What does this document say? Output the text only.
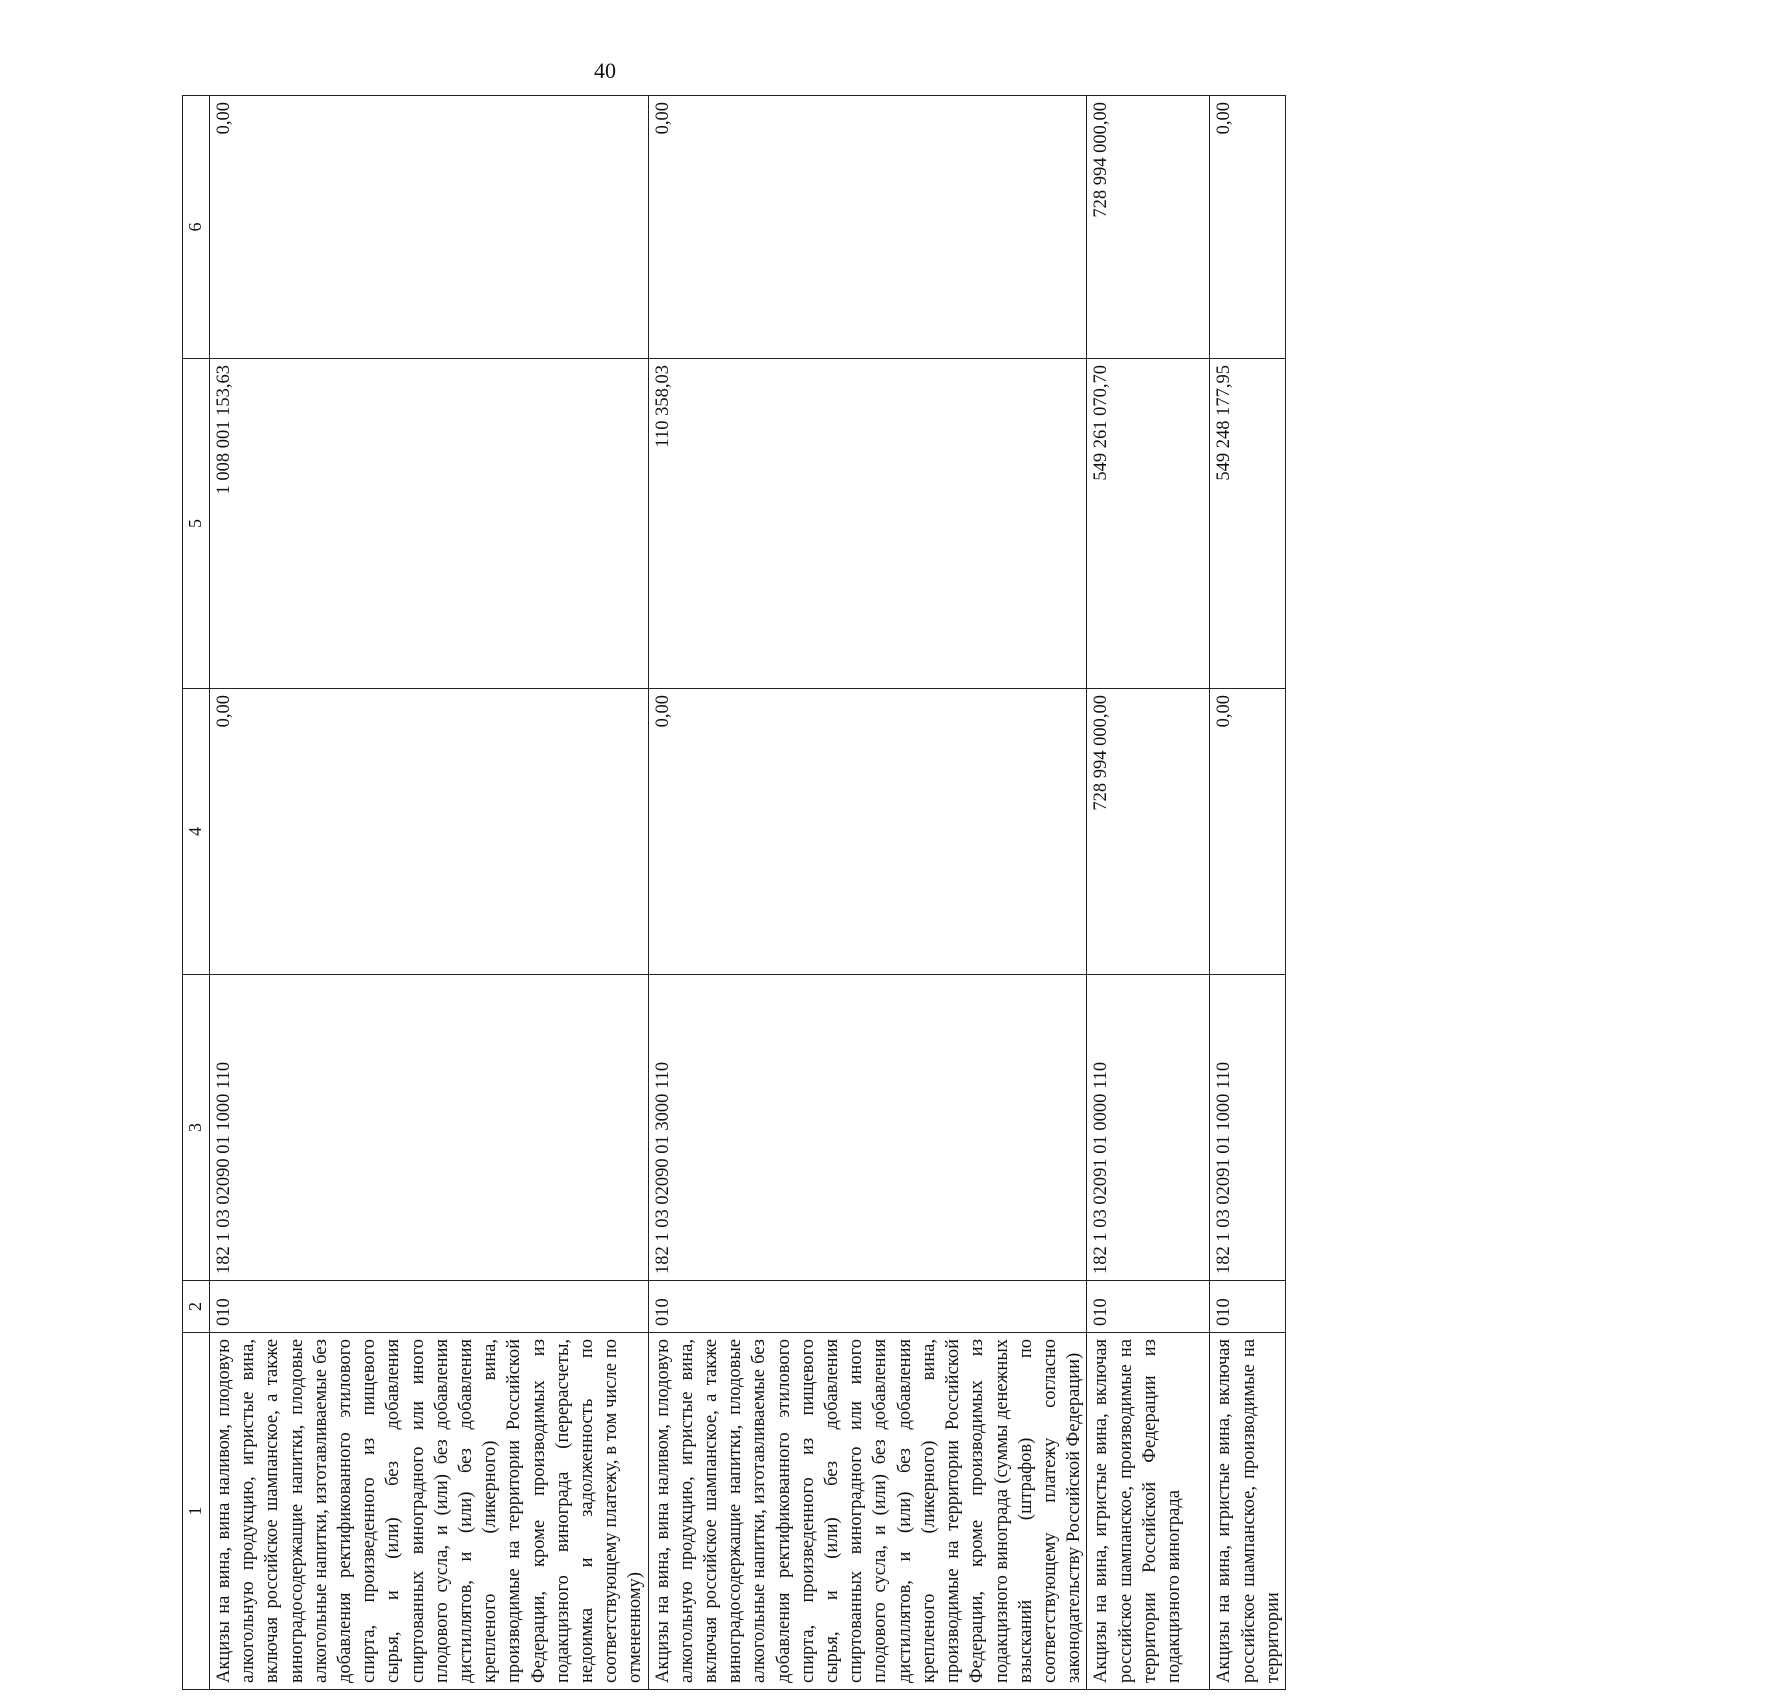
40
1	2	3	4	5	6
Акцизы на вина, вина наливом, плодовую алкогольную продукцию, игристые вина, включая российское шампанское, а также виноградосодержащие напитки, плодовые алкогольные напитки, изготавливаемые без добавления ректификованного этилового спирта, произведенного из пищевого сырья, и (или) без добавления спиртованных виноградного или иного плодового сусла, и (или) без добавления дистиллятов, и (или) без добавления крепленого (ликерного) вина, производимые на территории Российской Федерации, кроме производимых из подакцизного винограда (перерасчеты, недоимка и задолженность по соответствующему платежу, в том числе по отмененному)	010	182 1 03 02090 01 1000 110	0,00	1 008 001 153,63	0,00
Акцизы на вина, вина наливом, плодовую алкогольную продукцию, игристые вина, включая российское шампанское, а также виноградосодержащие напитки, плодовые алкогольные напитки, изготавливаемые без добавления ректификованного этилового спирта, произведенного из пищевого сырья, и (или) без добавления спиртованных виноградного или иного плодового сусла, и (или) без добавления дистиллятов, и (или) без добавления крепленого (ликерного) вина, производимые на территории Российской Федерации, кроме производимых из подакцизного винограда (суммы денежных взысканий (штрафов) по соответствующему платежу согласно законодательству Российской Федерации)	010	182 1 03 02090 01 3000 110	0,00	110 358,03	0,00
Акцизы на вина, игристые вина, включая российское шампанское, производимые на территории Российской Федерации из подакцизного винограда	010	182 1 03 02091 01 0000 110	728 994 000,00	549 261 070,70	728 994 000,00
Акцизы на вина, игристые вина, включая российское шампанское, производимые на территории	010	182 1 03 02091 01 1000 110	0,00	549 248 177,95	0,00
